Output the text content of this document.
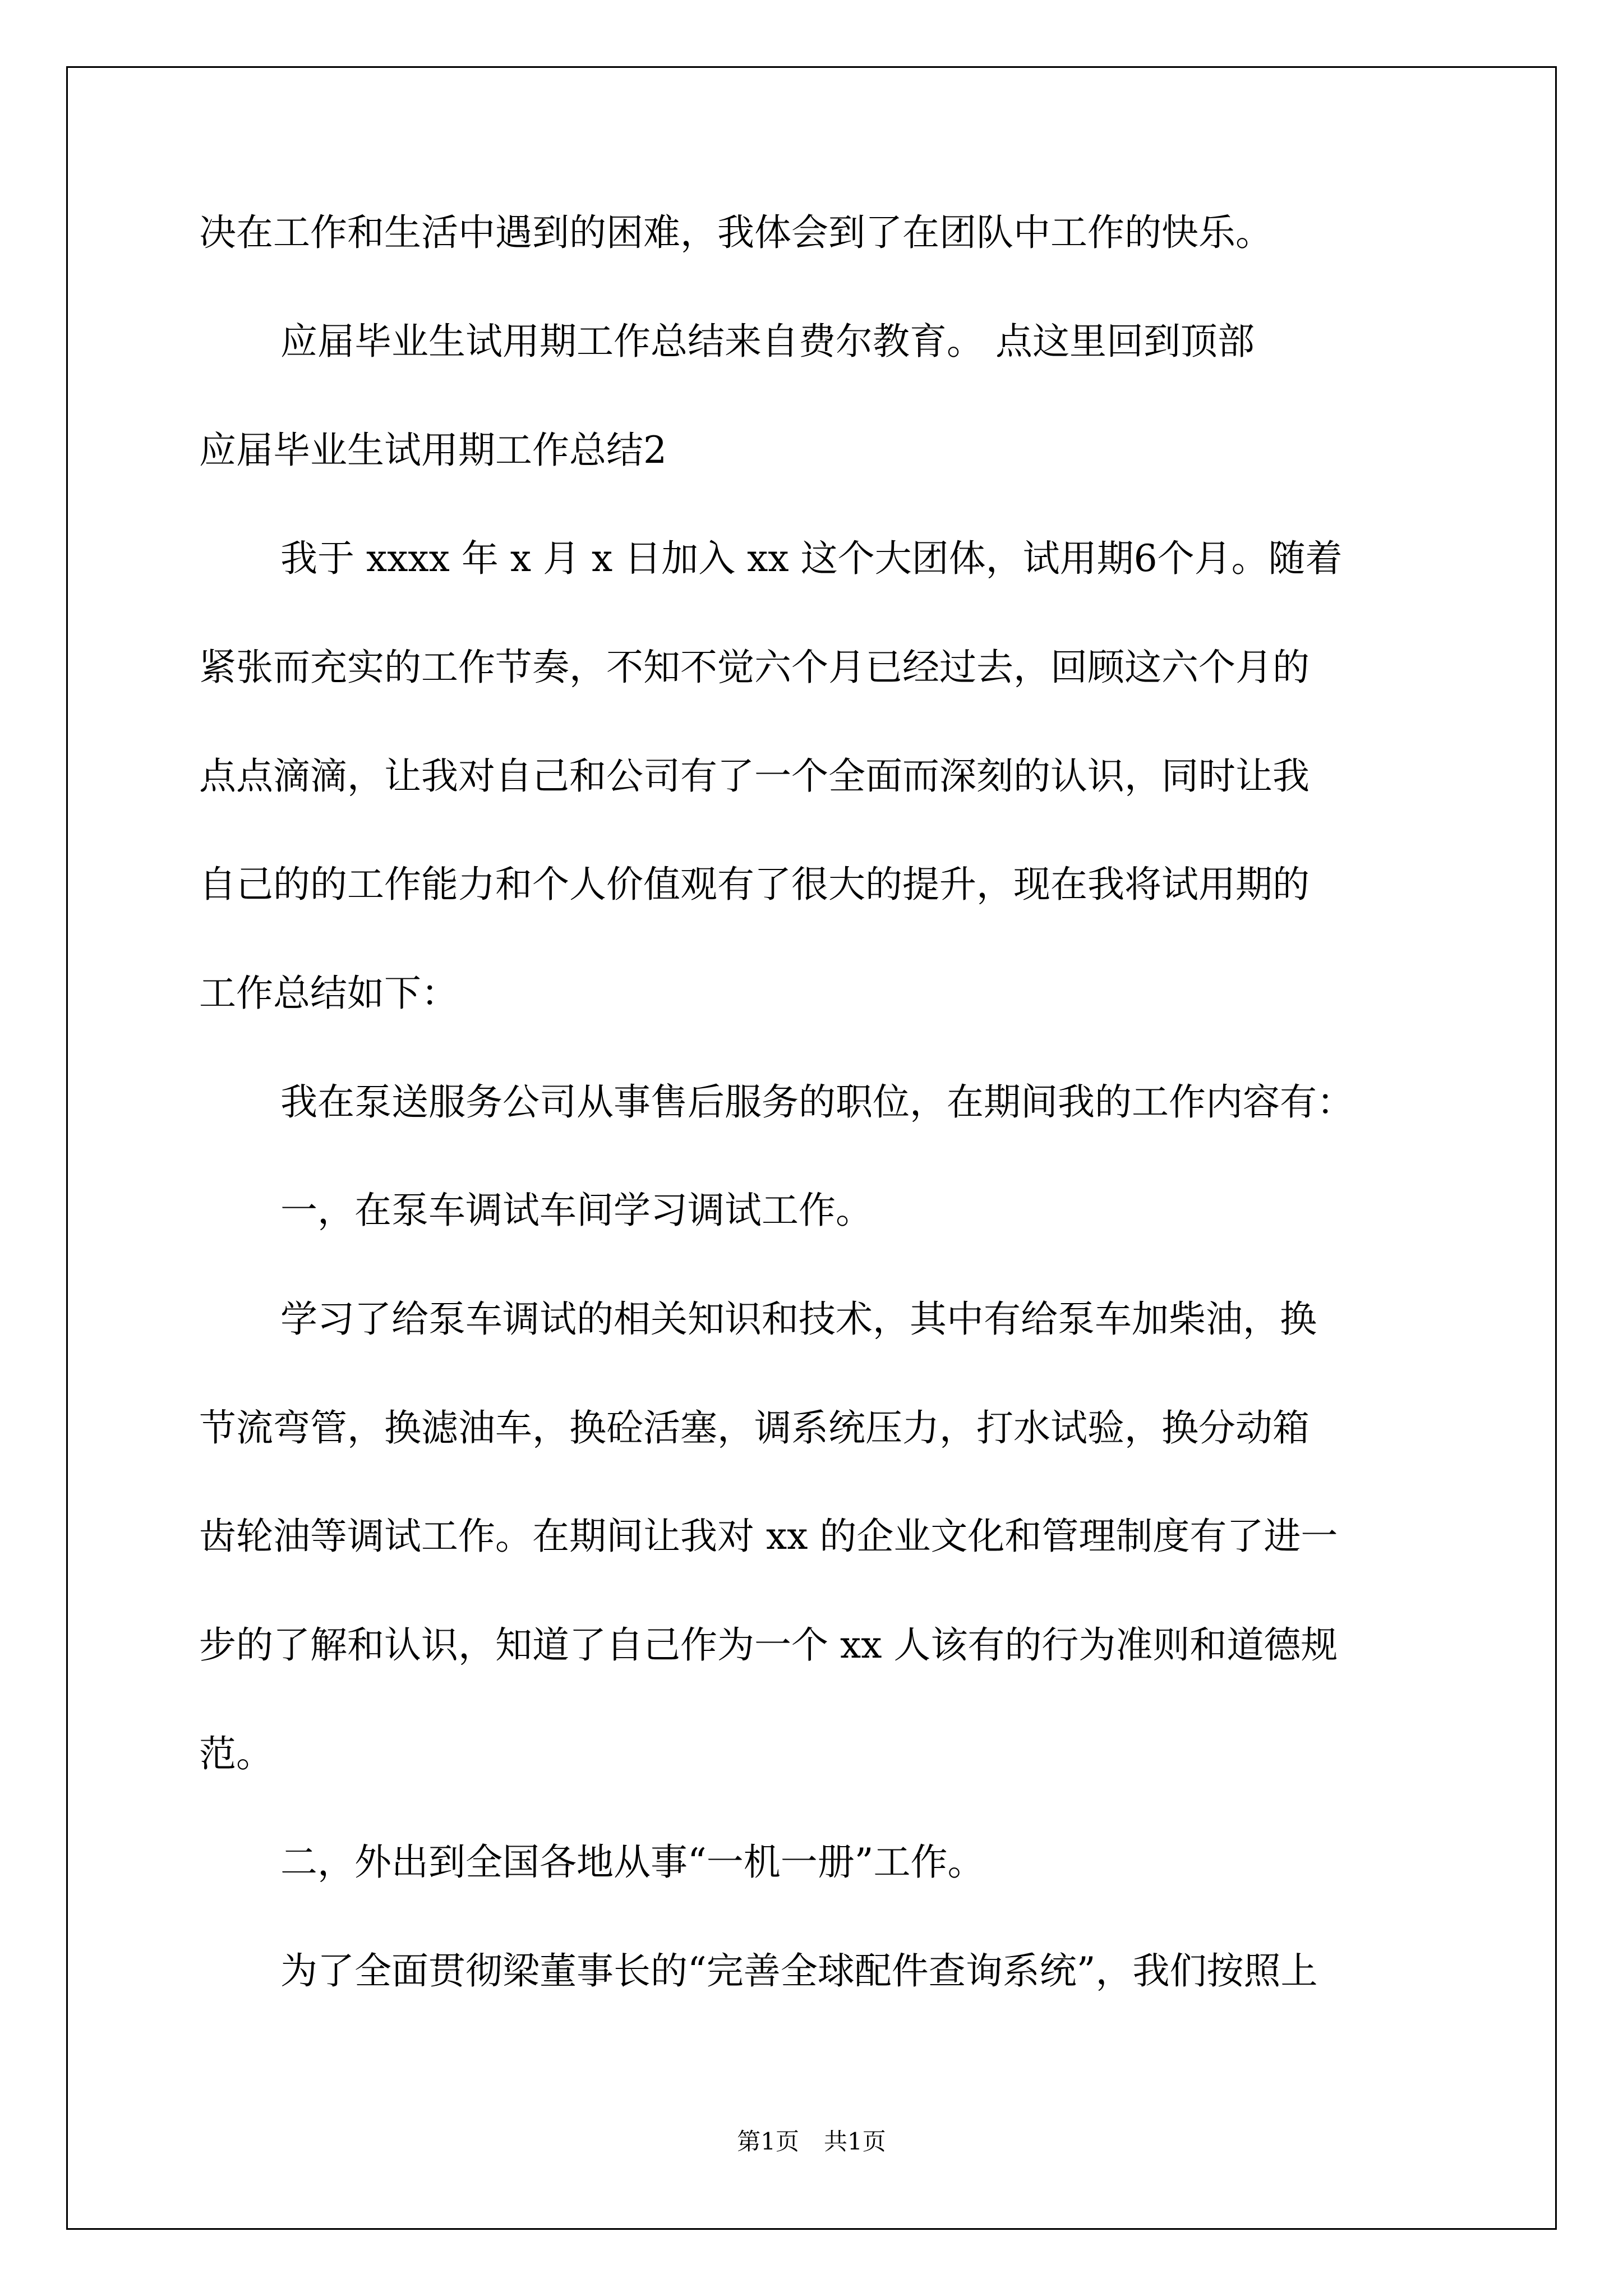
决在工作和生活中遇到的困难，我体会到了在团队中工作的快乐。
应届毕业生试用期工作总结来自费尔教育。 点这里回到顶部
应届毕业生试用期工作总结2
我于 xxxx 年 x 月 x 日加入 xx 这个大团体，试用期6个月。随着
紧张而充实的工作节奏，不知不觉六个月已经过去，回顾这六个月的
点点滴滴，让我对自己和公司有了一个全面而深刻的认识，同时让我
自己的的工作能力和个人价值观有了很大的提升，现在我将试用期的
工作总结如下：
我在泵送服务公司从事售后服务的职位，在期间我的工作内容有：
一，在泵车调试车间学习调试工作。
学习了给泵车调试的相关知识和技术，其中有给泵车加柴油，换
节流弯管，换滤油车，换砼活塞，调系统压力，打水试验，换分动箱
齿轮油等调试工作。在期间让我对 xx 的企业文化和管理制度有了进一
步的了解和认识，知道了自己作为一个 xx 人该有的行为准则和道德规
范。
二，外出到全国各地从事“一机一册”工作。
为了全面贯彻梁董事长的“完善全球配件查询系统”，我们按照上
第1页 共1页
